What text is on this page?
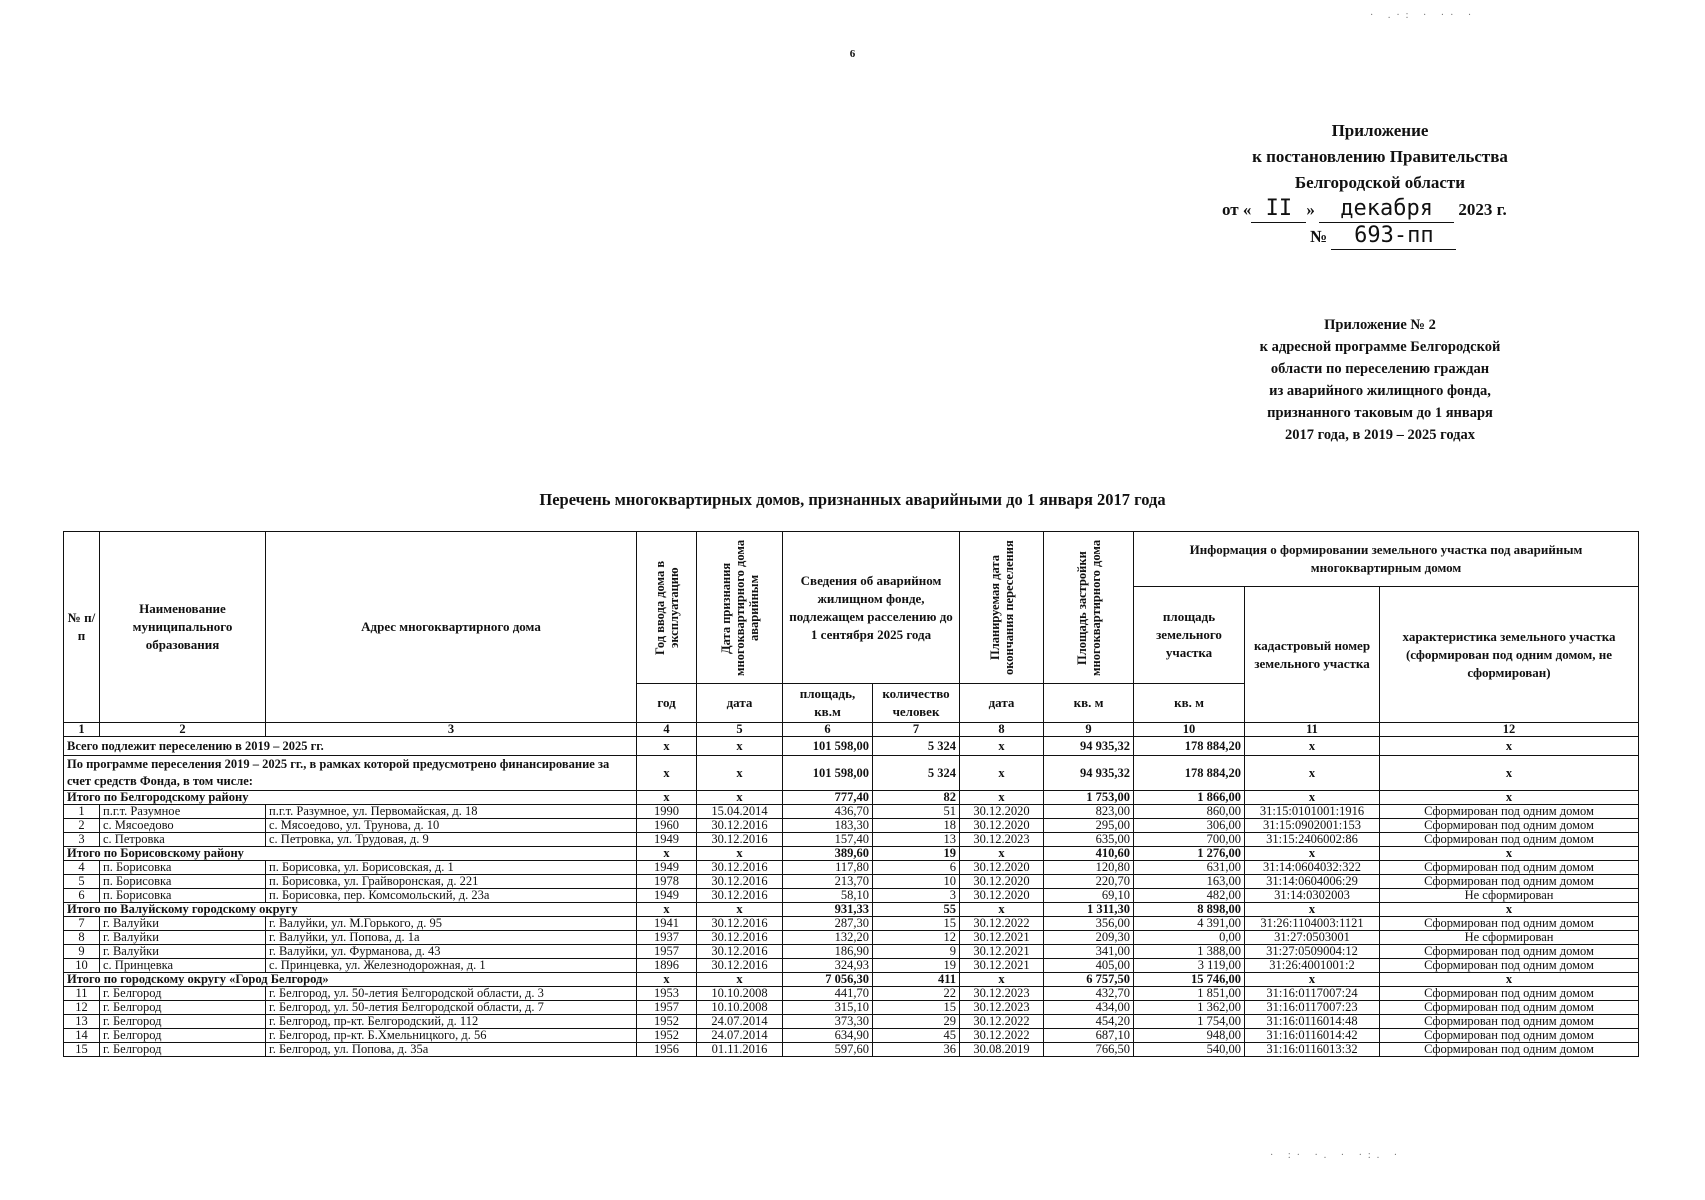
6
Приложение
к постановлению Правительства
Белгородской области
от « II » декабря 2023 г.
№ 693-пп
Приложение № 2
к адресной программе Белгородской
области по переселению граждан
из аварийного жилищного фонда,
признанного таковым до 1 января
2017 года, в 2019 – 2025 годах
Перечень многоквартирных домов, признанных аварийными до 1 января 2017 года
№ п/п	Наименование муниципального образования	Адрес многоквартирного дома	Год ввода дома в эксплуатацию	Дата признания многоквартирного дома аварийным	Сведения об аварийном жилищном фонде, подлежащем расселению до 1 сентября 2025 года		Планируемая дата окончания переселения	Площадь застройки многоквартирного дома	Информация о формировании земельного участка под аварийным многоквартирным домом		
									площадь земельного участка	кадастровый номер земельного участка	характеристика земельного участка (сформирован под одним домом, не сформирован)
			год	дата	площадь, кв.м	количество человек	дата	кв. м	кв. м		
1	2	3	4	5	6	7	8	9	10	11	12
Всего подлежит переселению в 2019 – 2025 гг.			х	х	101 598,00	5 324	х	94 935,32	178 884,20	х	х
По программе переселения 2019 – 2025 гг., в рамках которой предусмотрено финансирование за счет средств Фонда, в том числе:			х	х	101 598,00	5 324	х	94 935,32	178 884,20	х	х
Итого по Белгородскому району			х	х	777,40	82	х	1 753,00	1 866,00	х	х
1	п.г.т. Разумное	п.г.т. Разумное, ул. Первомайская, д. 18	1990	15.04.2014	436,70	51	30.12.2020	823,00	860,00	31:15:0101001:1916	Сформирован под одним домом
2	с. Мясоедово	с. Мясоедово, ул. Трунова, д. 10	1960	30.12.2016	183,30	18	30.12.2020	295,00	306,00	31:15:0902001:153	Сформирован под одним домом
3	с. Петровка	с. Петровка, ул. Трудовая, д. 9	1949	30.12.2016	157,40	13	30.12.2023	635,00	700,00	31:15:2406002:86	Сформирован под одним домом
Итого по Борисовскому району			х	х	389,60	19	х	410,60	1 276,00	х	х
4	п. Борисовка	п. Борисовка, ул. Борисовская, д. 1	1949	30.12.2016	117,80	6	30.12.2020	120,80	631,00	31:14:0604032:322	Сформирован под одним домом
5	п. Борисовка	п. Борисовка, ул. Грайворонская, д. 221	1978	30.12.2016	213,70	10	30.12.2020	220,70	163,00	31:14:0604006:29	Сформирован под одним домом
6	п. Борисовка	п. Борисовка, пер. Комсомольский, д. 23а	1949	30.12.2016	58,10	3	30.12.2020	69,10	482,00	31:14:0302003	Не сформирован
Итого по Валуйскому городскому округу			х	х	931,33	55	х	1 311,30	8 898,00	х	х
7	г. Валуйки	г. Валуйки, ул. М.Горького, д. 95	1941	30.12.2016	287,30	15	30.12.2022	356,00	4 391,00	31:26:1104003:1121	Сформирован под одним домом
8	г. Валуйки	г. Валуйки, ул. Попова, д. 1а	1937	30.12.2016	132,20	12	30.12.2021	209,30	0,00	31:27:0503001	Не сформирован
9	г. Валуйки	г. Валуйки, ул. Фурманова, д. 43	1957	30.12.2016	186,90	9	30.12.2021	341,00	1 388,00	31:27:0509004:12	Сформирован под одним домом
10	с. Принцевка	с. Принцевка, ул. Железнодорожная, д. 1	1896	30.12.2016	324,93	19	30.12.2021	405,00	3 119,00	31:26:4001001:2	Сформирован под одним домом
Итого по городскому округу «Город Белгород»			х	х	7 056,30	411	х	6 757,50	15 746,00	х	х
11	г. Белгород	г. Белгород, ул. 50-летия Белгородской области, д. 3	1953	10.10.2008	441,70	22	30.12.2023	432,70	1 851,00	31:16:0117007:24	Сформирован под одним домом
12	г. Белгород	г. Белгород, ул. 50-летия Белгородской области, д. 7	1957	10.10.2008	315,10	15	30.12.2023	434,00	1 362,00	31:16:0117007:23	Сформирован под одним домом
13	г. Белгород	г. Белгород, пр-кт. Белгородский, д. 112	1952	24.07.2014	373,30	29	30.12.2022	454,20	1 754,00	31:16:0116014:48	Сформирован под одним домом
14	г. Белгород	г. Белгород, пр-кт. Б.Хмельницкого, д. 56	1952	24.07.2014	634,90	45	30.12.2022	687,10	948,00	31:16:0116014:42	Сформирован под одним домом
15	г. Белгород	г. Белгород, ул. Попова, д. 35а	1956	01.11.2016	597,60	36	30.08.2019	766,50	540,00	31:16:0116013:32	Сформирован под одним домом
· .·: · ·· ·
· :· ·. · ·:. ·
